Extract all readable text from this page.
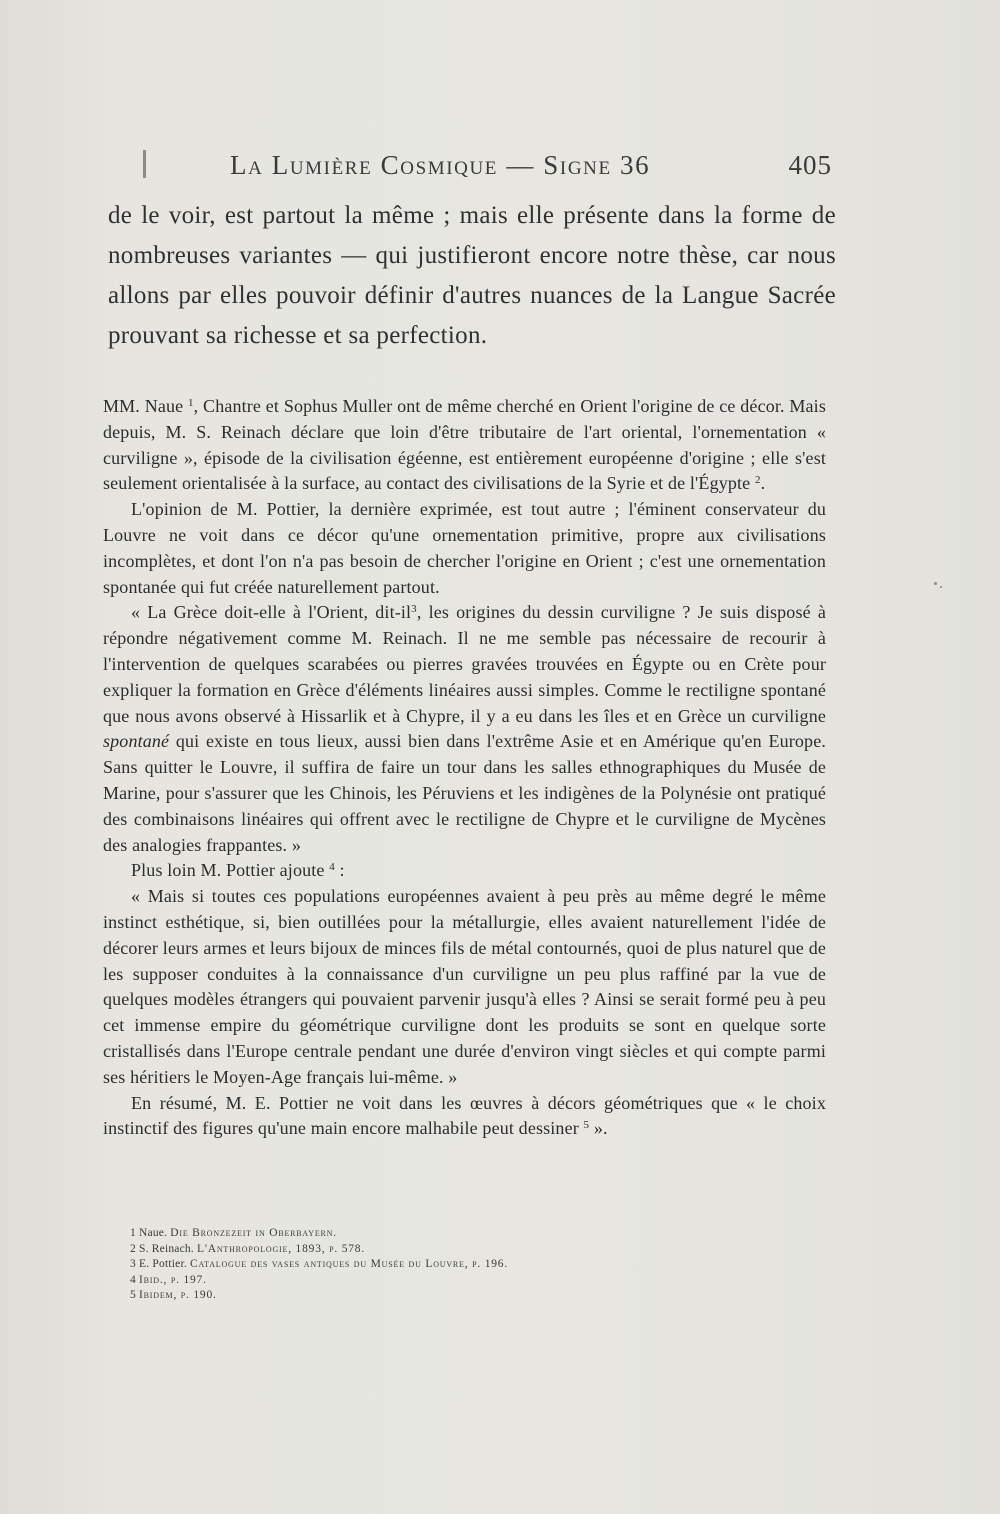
La Lumière Cosmique — Signe 36	405
de le voir, est partout la même ; mais elle présente dans la forme de nombreuses variantes — qui justifieront encore notre thèse, car nous allons par elles pouvoir définir d'autres nuances de la Langue Sacrée prouvant sa richesse et sa perfection.

MM. Naue $^1$, Chantre et Sophus Muller ont de même cherché en Orient l'origine de ce décor. Mais depuis, M. S. Reinach déclare que loin d'être tributaire de l'art oriental, l'ornementation « curviligne », épisode de la civilisation égéenne, est entièrement européenne d'origine ; elle s'est seulement orientalisée à la surface, au contact des civilisations de la Syrie et de l'Égypte $^2$.

L'opinion de M. Pottier, la dernière exprimée, est tout autre ; l'éminent conservateur du Louvre ne voit dans ce décor qu'une ornementation primitive, propre aux civilisations incomplètes, et dont l'on n'a pas besoin de chercher l'origine en Orient ; c'est une ornementation spontanée qui fut créée naturellement partout.

« La Grèce doit-elle à l'Orient, dit-$il^3$, les origines du dessin curviligne ? Je suis disposé à répondre négativement comme M. Reinach. Il ne me semble pas nécessaire de recourir à l'intervention de quelques scarabées ou pierres gravées trouvées en Égypte ou en Crète pour expliquer la formation en Grèce d'éléments linéaires aussi simples. Comme le rectiligne spontané que nous avons observé à Hissarlik et à Chypre, il y a eu dans les îles et en Grèce un curviligne spontané qui existe en tous lieux, aussi bien dans l'extrême Asie et en Amérique qu'en Europe. Sans quitter le Louvre, il suffira de faire un tour dans les salles ethnographiques du Musée de Marine, pour s'assurer que les Chinois, les Péruviens et les indigènes de la Polynésie ont pratiqué des combinaisons linéaires qui offrent avec le rectiligne de Chypre et le curviligne de Mycènes des analogies frappantes. »

Plus loin M. Pottier ajoute $^4$ :

« Mais si toutes ces populations européennes avaient à peu près au même degré le même instinct esthétique, si, bien outillées pour la métallurgie, elles avaient naturellement l'idée de décorer leurs armes et leurs bijoux de minces fils de métal contournés, quoi de plus naturel que de les supposer conduites à la connaissance d'un curviligne un peu plus raffiné par la vue de quelques modèles étrangers qui pouvaient parvenir jusqu'à elles ? Ainsi se serait formé peu à peu cet immense empire du géométrique curviligne dont les produits se sont en quelque sorte cristallisés dans l'Europe centrale pendant une durée d'environ vingt siècles et qui compte parmi ses héritiers le Moyen-Age français lui-même. »

En résumé, M. E. Pottier ne voit dans les œuvres à décors géométriques que « le choix instinctif des figures qu'une main encore malhabile peut dessiner $^5$ ».

1 Naue. Die Bronzezeit in Oberbayern.
2 S. Reinach. L'Anthropologie, 1893, p. 578.
3 E. Pottier. Catalogue des vases antiques du Musée du Louvre, p. 196.
4 Ibid., p. 197.
5 Ibidem, p. 190.
